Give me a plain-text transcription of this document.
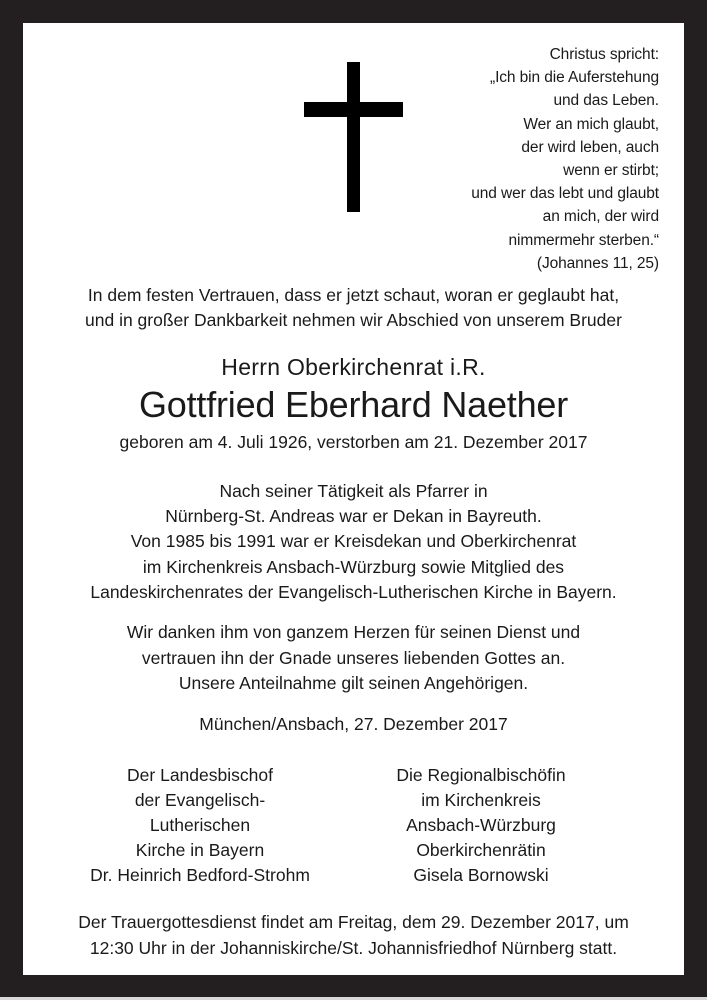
Christus spricht:
„Ich bin die Auferstehung
und das Leben.
Wer an mich glaubt,
der wird leben, auch
wenn er stirbt;
und wer das lebt und glaubt
an mich, der wird
nimmermehr sterben.“
(Johannes 11, 25)
In dem festen Vertrauen, dass er jetzt schaut, woran er geglaubt hat,
und in großer Dankbarkeit nehmen wir Abschied von unserem Bruder
Herrn Oberkirchenrat i.R.
Gottfried Eberhard Naether
geboren am 4. Juli 1926, verstorben am 21. Dezember 2017
Nach seiner Tätigkeit als Pfarrer in
Nürnberg-St. Andreas war er Dekan in Bayreuth.
Von 1985 bis 1991 war er Kreisdekan und Oberkirchenrat
im Kirchenkreis Ansbach-Würzburg sowie Mitglied des
Landeskirchenrates der Evangelisch-Lutherischen Kirche in Bayern.
Wir danken ihm von ganzem Herzen für seinen Dienst und
vertrauen ihn der Gnade unseres liebenden Gottes an.
Unsere Anteilnahme gilt seinen Angehörigen.
München/Ansbach, 27. Dezember 2017
Der Landesbischof
der Evangelisch-
Lutherischen
Kirche in Bayern
Dr. Heinrich Bedford-Strohm
Die Regionalbischöfin
im Kirchenkreis
Ansbach-Würzburg
Oberkirchenrätin
Gisela Bornowski
Der Trauergottesdienst findet am Freitag, dem 29. Dezember 2017, um
12:30 Uhr in der Johanniskirche/St. Johannisfriedhof Nürnberg statt.
